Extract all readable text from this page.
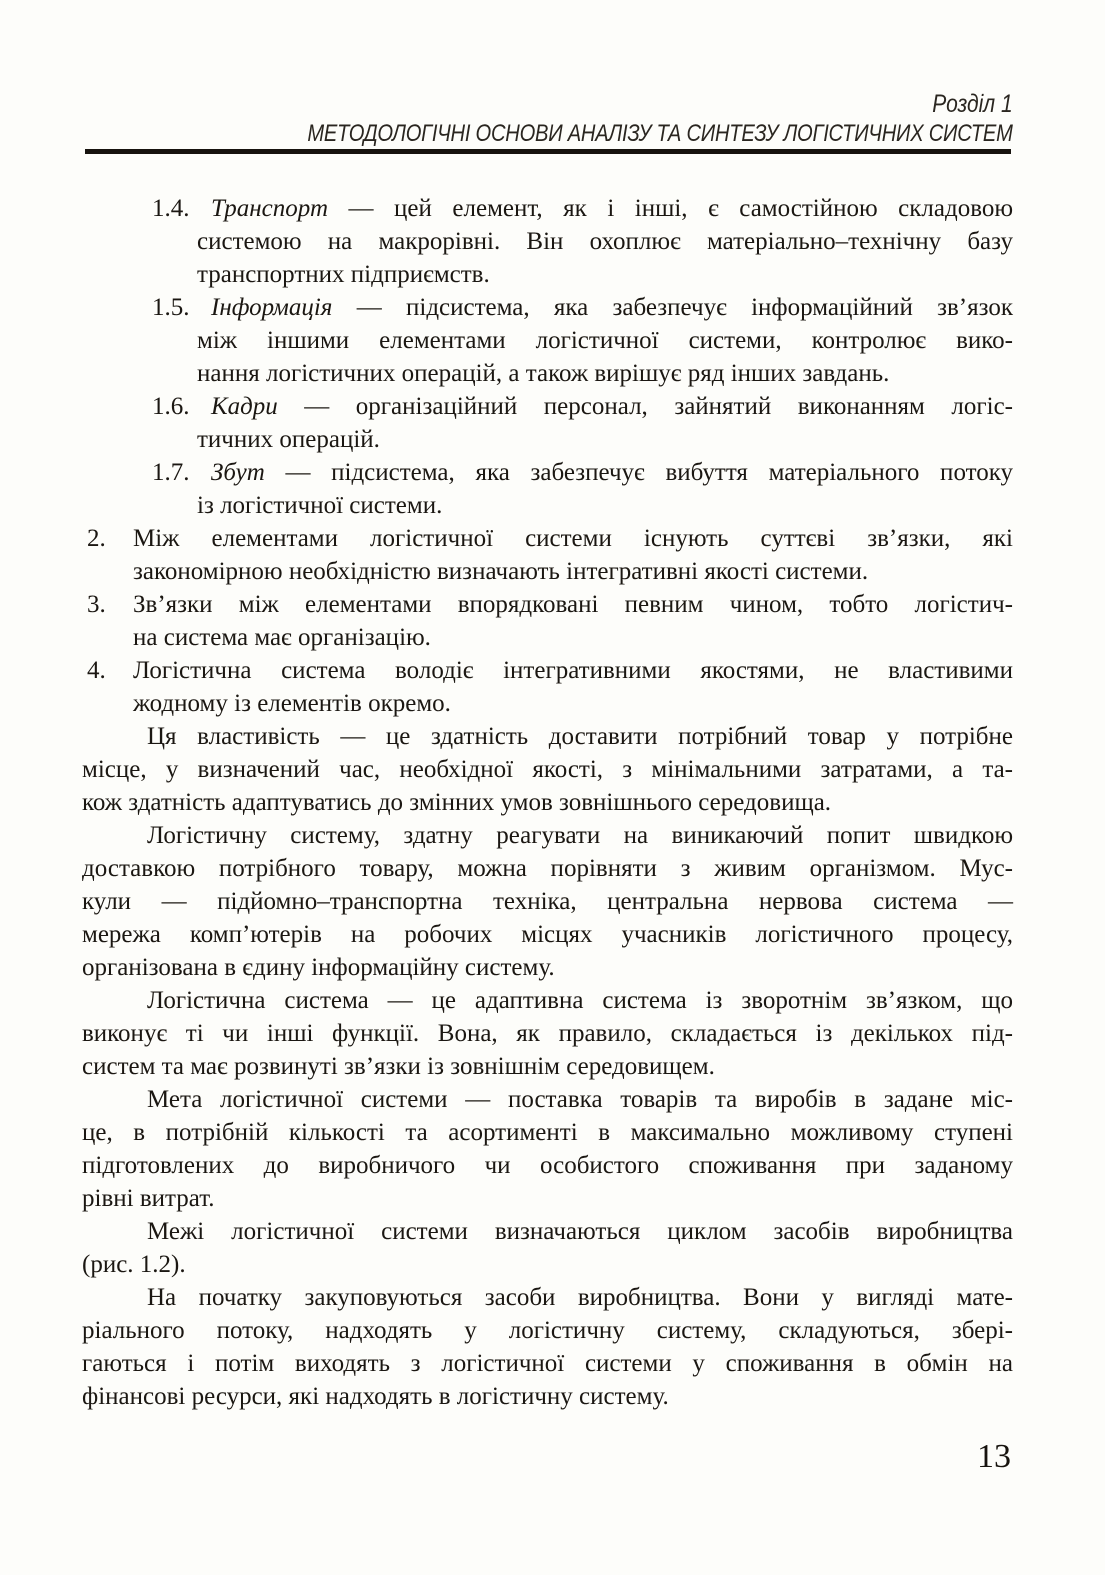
Розділ 1
МЕТОДОЛОГІЧНІ ОСНОВИ АНАЛІЗУ ТА СИНТЕЗУ ЛОГІСТИЧНИХ СИСТЕМ
1.4. Транспорт — цей елемент, як і інші, є самостійною складовою
системою на макрорівні. Він охоплює матеріально–технічну базу
транспортних підприємств.
1.5. Інформація — підсистема, яка забезпечує інформаційний зв’язок
між іншими елементами логістичної системи, контролює вико-
нання логістичних операцій, а також вирішує ряд інших завдань.
1.6. Кадри — організаційний персонал, зайнятий виконанням логіс-
тичних операцій.
1.7. Збут — підсистема, яка забезпечує вибуття матеріального потоку
із логістичної системи.
2. Між елементами логістичної системи існують суттєві зв’язки, які
закономірною необхідністю визначають інтегративні якості системи.
3. Зв’язки між елементами впорядковані певним чином, тобто логістич-
на система має організацію.
4. Логістична система володіє інтегративними якостями, не властивими
жодному із елементів окремо.
Ця властивість — це здатність доставити потрібний товар у потрібне
місце, у визначений час, необхідної якості, з мінімальними затратами, а та-
кож здатність адаптуватись до змінних умов зовнішнього середовища.
Логістичну систему, здатну реагувати на виникаючий попит швидкою
доставкою потрібного товару, можна порівняти з живим організмом. Мус-
кули — підйомно–транспортна техніка, центральна нервова система —
мережа комп’ютерів на робочих місцях учасників логістичного процесу,
організована в єдину інформаційну систему.
Логістична система — це адаптивна система із зворотнім зв’язком, що
виконує ті чи інші функції. Вона, як правило, складається із декількох під-
систем та має розвинуті зв’язки із зовнішнім середовищем.
Мета логістичної системи — поставка товарів та виробів в задане міс-
це, в потрібній кількості та асортименті в максимально можливому ступені
підготовлених до виробничого чи особистого споживання при заданому
рівні витрат.
Межі логістичної системи визначаються циклом засобів виробництва
(рис. 1.2).
На початку закуповуються засоби виробництва. Вони у вигляді мате-
ріального потоку, надходять у логістичну систему, складуються, збері-
гаються і потім виходять з логістичної системи у споживання в обмін на
фінансові ресурси, які надходять в логістичну систему.
13
